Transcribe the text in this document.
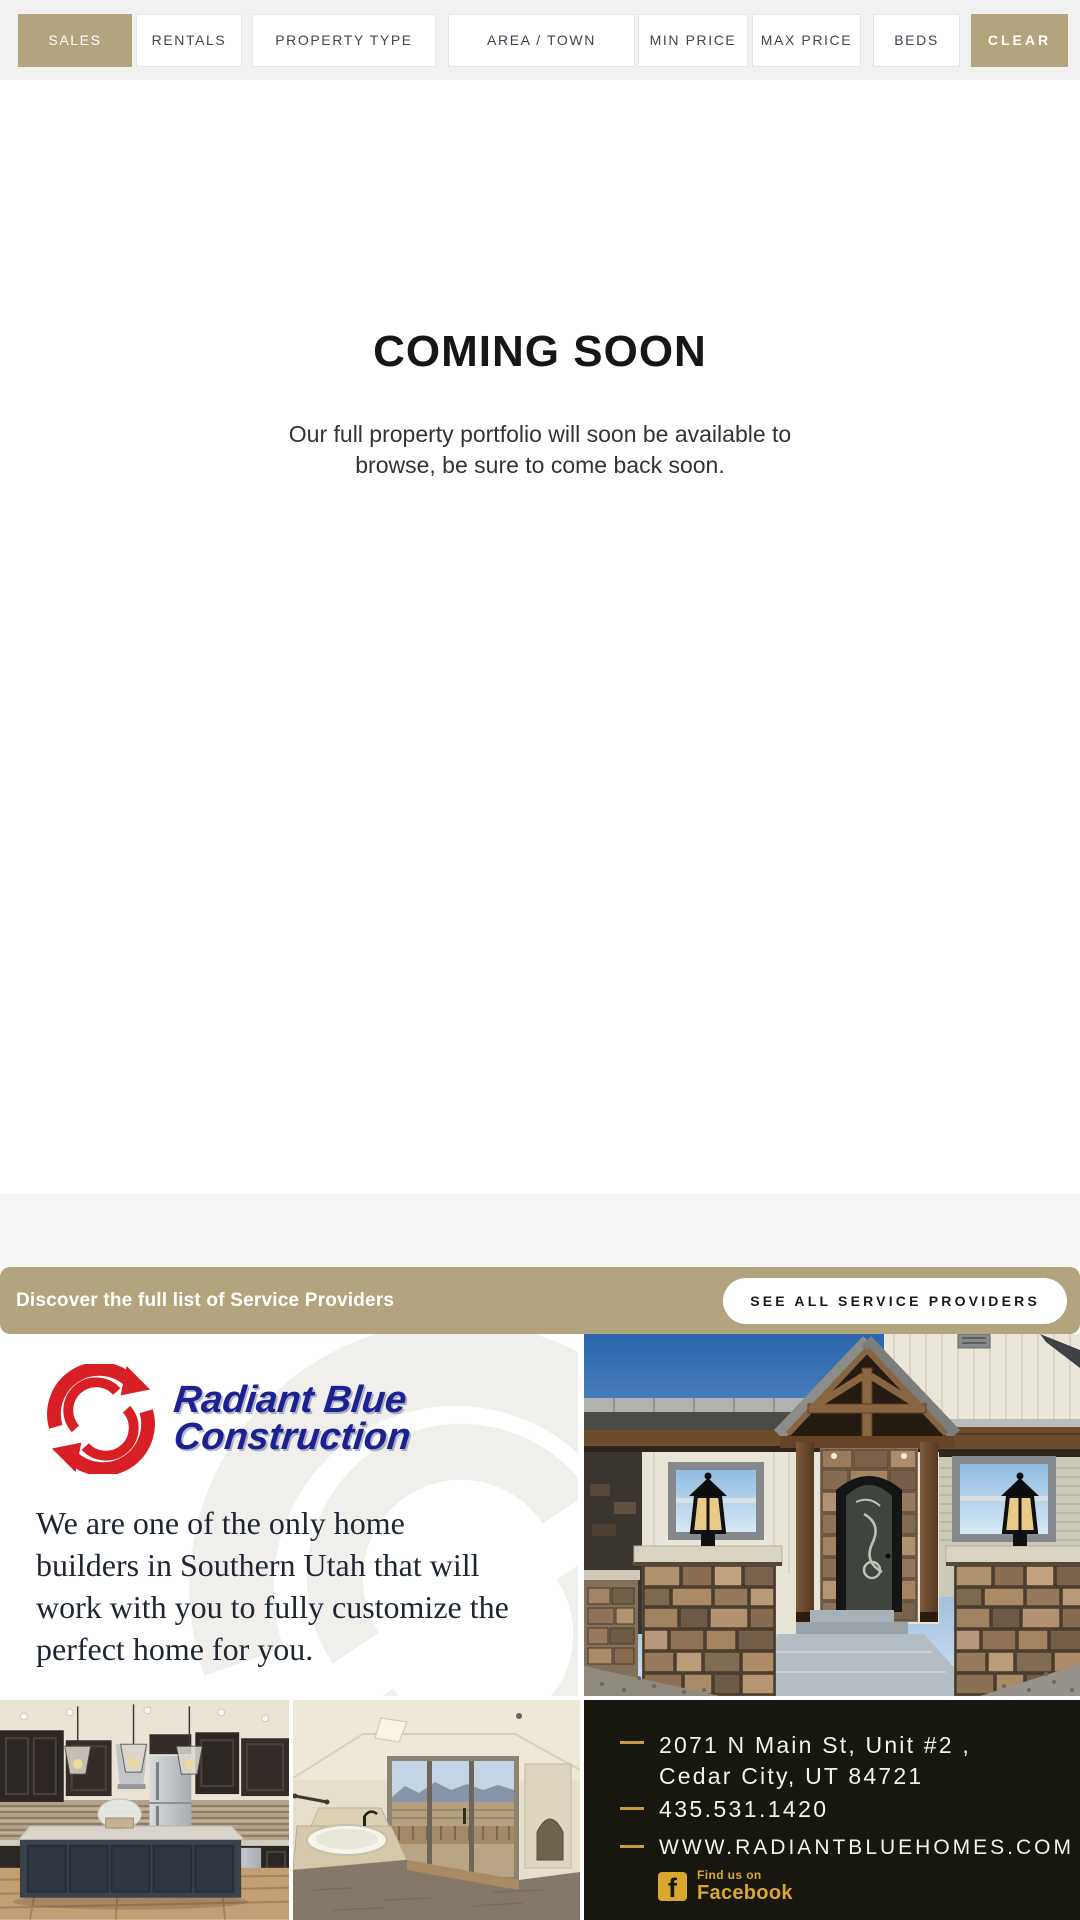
SALES	RENTALS	PROPERTY TYPE	AREA / TOWN	MIN PRICE	MAX PRICE	BEDS	CLEAR
COMING SOON
Our full property portfolio will soon be available to
browse, be sure to come back soon.
Discover the full list of Service Providers	SEE ALL SERVICE PROVIDERS
Radiant Blue
Construction
We are one of the only home
builders in Southern Utah that will
work with you to fully customize the
perfect home for you.
2071 N Main St, Unit #2 ,
Cedar City, UT 84721
435.531.1420
WWW.RADIANTBLUEHOMES.COM
f	Find us on
Facebook
